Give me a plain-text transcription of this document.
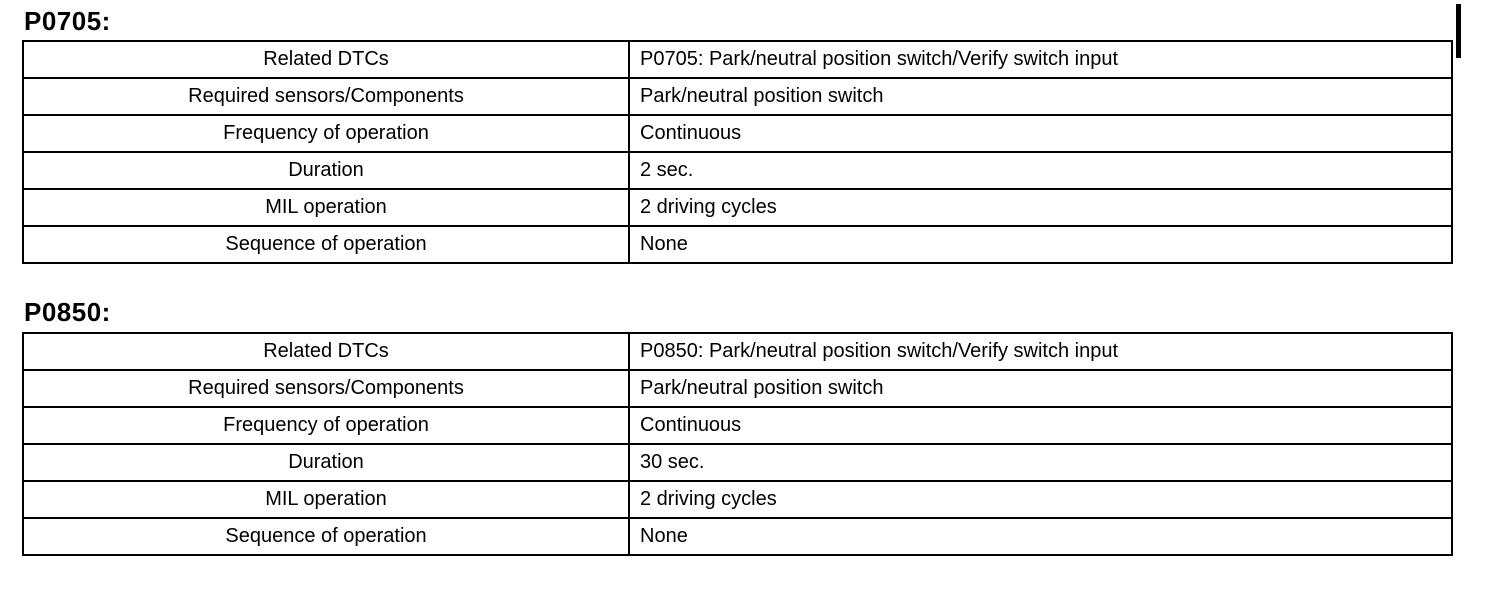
P0705:
Related DTCs	P0705: Park/neutral position switch/Verify switch input
Required sensors/Components	Park/neutral position switch
Frequency of operation	Continuous
Duration	2 sec.
MIL operation	2 driving cycles
Sequence of operation	None
P0850:
Related DTCs	P0850: Park/neutral position switch/Verify switch input
Required sensors/Components	Park/neutral position switch
Frequency of operation	Continuous
Duration	30 sec.
MIL operation	2 driving cycles
Sequence of operation	None
